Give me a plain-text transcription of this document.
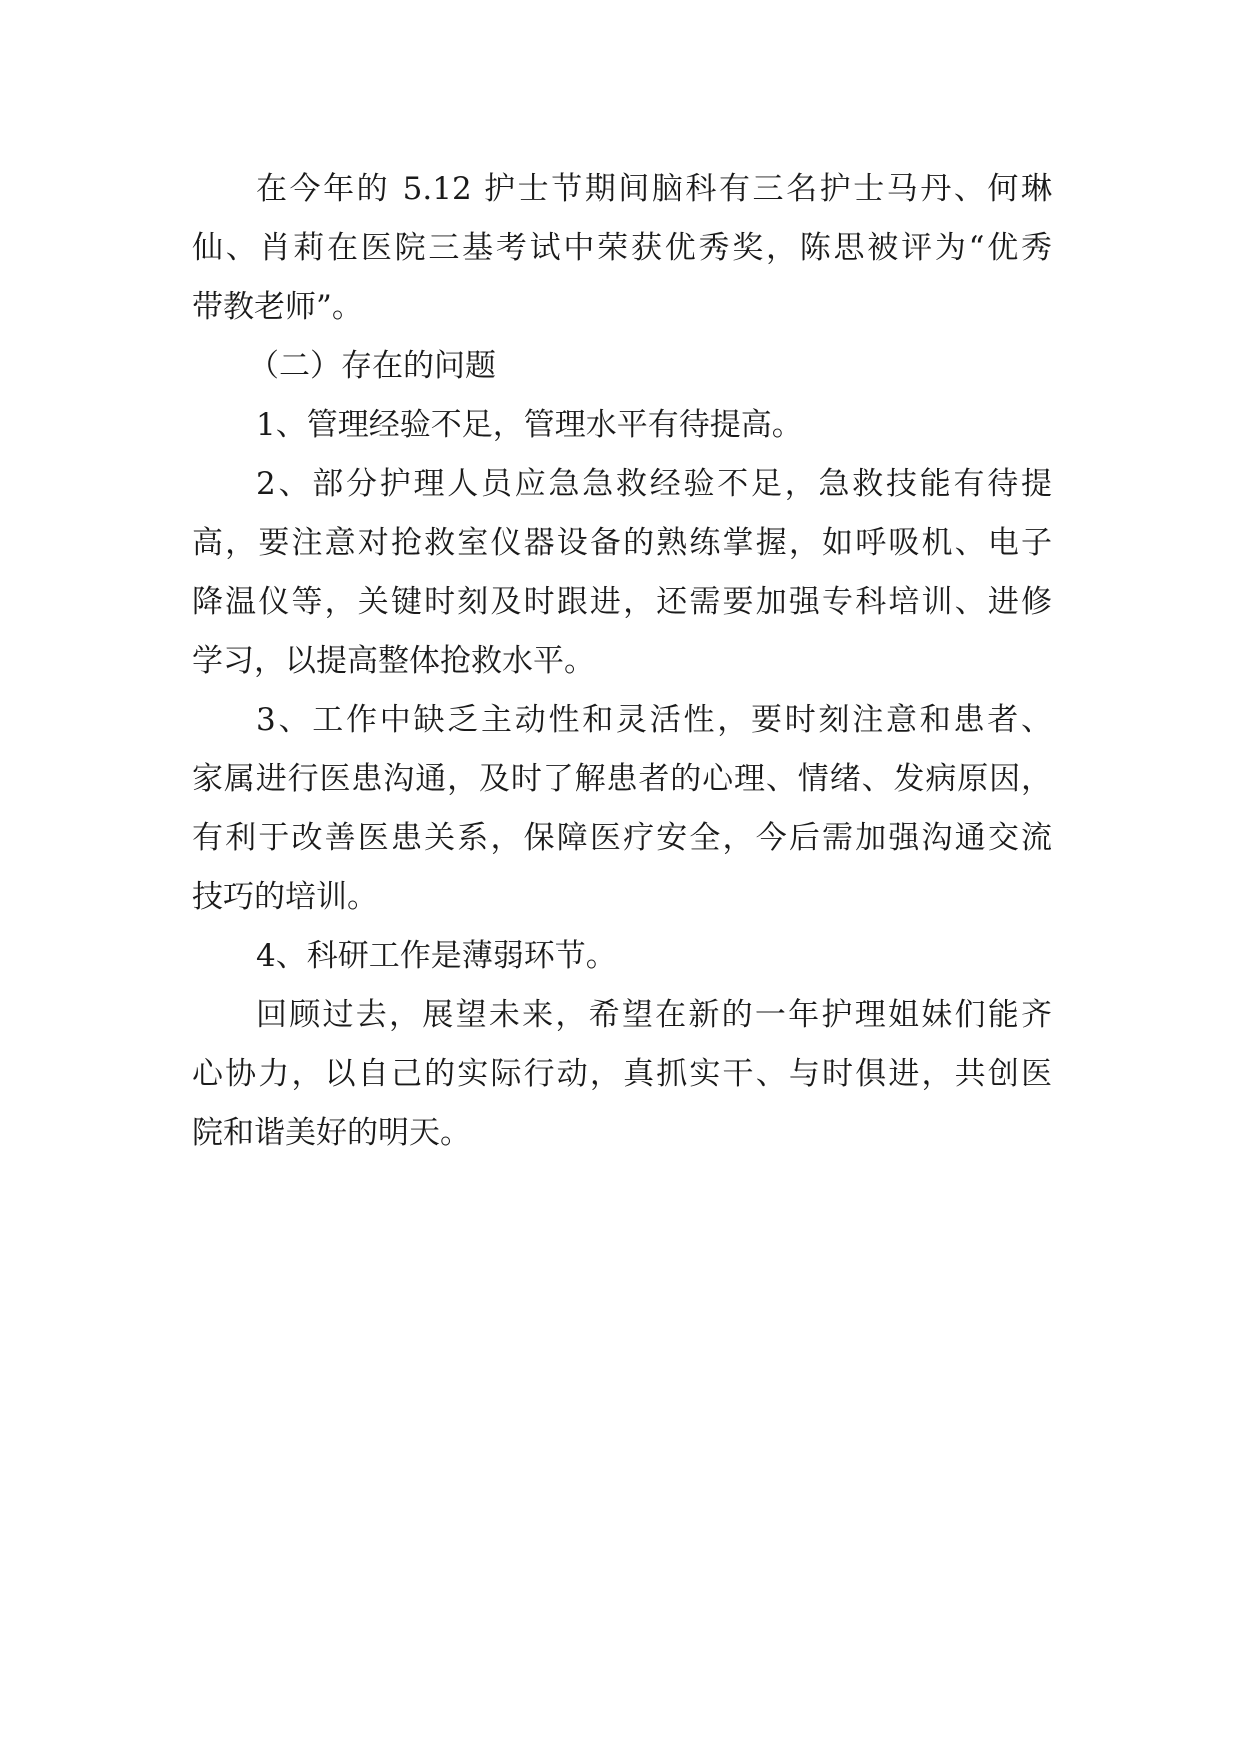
在今年的 5.12 护士节期间脑科有三名护士马丹、何琳
仙、肖莉在医院三基考试中荣获优秀奖，陈思被评为“优秀
带教老师”。
（二）存在的问题
1、管理经验不足，管理水平有待提高。
2、部分护理人员应急急救经验不足，急救技能有待提
高，要注意对抢救室仪器设备的熟练掌握，如呼吸机、电子
降温仪等，关键时刻及时跟进，还需要加强专科培训、进修
学习，以提高整体抢救水平。
3、工作中缺乏主动性和灵活性，要时刻注意和患者、
家属进行医患沟通，及时了解患者的心理、情绪、发病原因，
有利于改善医患关系，保障医疗安全，今后需加强沟通交流
技巧的培训。
4、科研工作是薄弱环节。
回顾过去，展望未来，希望在新的一年护理姐妹们能齐
心协力，以自己的实际行动，真抓实干、与时俱进，共创医
院和谐美好的明天。
